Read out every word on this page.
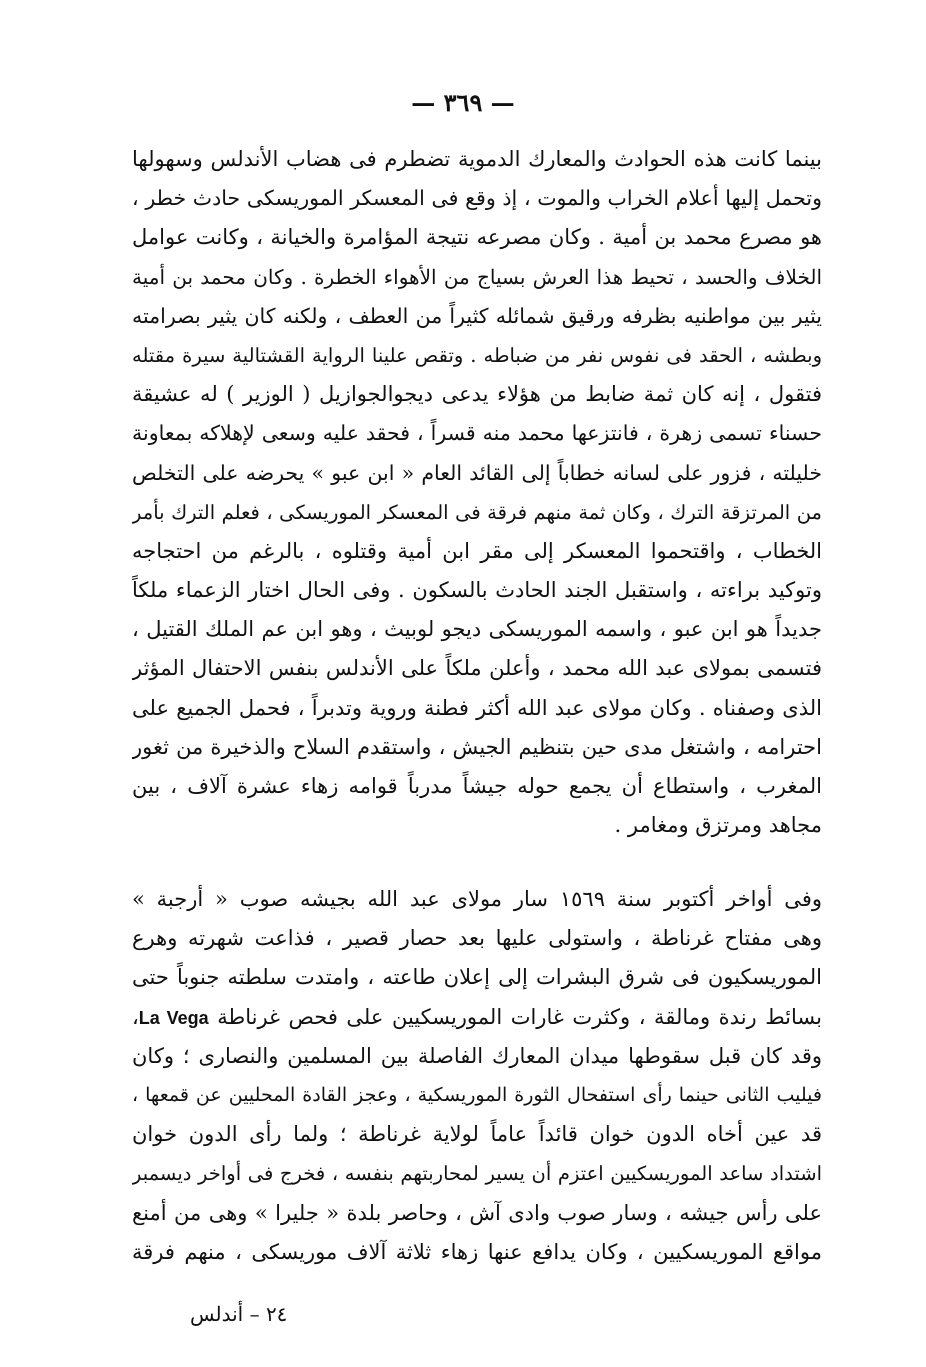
— ٣٦٩ —
بينما كانت هذه الحوادث والمعارك الدموية تضطرم فى هضاب الأندلس وسهولها
وتحمل إليها أعلام الخراب والموت ، إذ وقع فى المعسكر الموريسكى حادث خطر ،
هو مصرع محمد بن أمية . وكان مصرعه نتيجة المؤامرة والخيانة ، وكانت عوامل
الخلاف والحسد ، تحيط هذا العرش بسياج من الأهواء الخطرة . وكان محمد بن أمية
يثير بين مواطنيه بظرفه ورقيق شمائله كثيراً من العطف ، ولكنه كان يثير بصرامته
وبطشه ، الحقد فى نفوس نفر من ضباطه . وتقص علينا الرواية القشتالية سيرة مقتله
فتقول ، إنه كان ثمة ضابط من هؤلاء يدعى ديجوالجوازيل ( الوزير ) له عشيقة
حسناء تسمى زهرة ، فانتزعها محمد منه قسراً ، فحقد عليه وسعى لإهلاكه بمعاونة
خليلته ، فزور على لسانه خطاباً إلى القائد العام « ابن عبو » يحرضه على التخلص
من المرتزقة الترك ، وكان ثمة منهم فرقة فى المعسكر الموريسكى ، فعلم الترك بأمر
الخطاب ، واقتحموا المعسكر إلى مقر ابن أمية وقتلوه ، بالرغم من احتجاجه
وتوكيد براءته ، واستقبل الجند الحادث بالسكون . وفى الحال اختار الزعماء ملكاً
جديداً هو ابن عبو ، واسمه الموريسكى ديجو لوبيث ، وهو ابن عم الملك القتيل ،
فتسمى بمولاى عبد الله محمد ، وأعلن ملكاً على الأندلس بنفس الاحتفال المؤثر
الذى وصفناه . وكان مولاى عبد الله أكثر فطنة وروية وتدبراً ، فحمل الجميع على
احترامه ، واشتغل مدى حين بتنظيم الجيش ، واستقدم السلاح والذخيرة من ثغور
المغرب ، واستطاع أن يجمع حوله جيشاً مدرباً قوامه زهاء عشرة آلاف ، بين
مجاهد ومرتزق ومغامر .
وفى أواخر أكتوبر سنة ١٥٦٩ سار مولاى عبد الله بجيشه صوب « أرجبة »
وهى مفتاح غرناطة ، واستولى عليها بعد حصار قصير ، فذاعت شهرته وهرع
الموريسكيون فى شرق البشرات إلى إعلان طاعته ، وامتدت سلطته جنوباً حتى
بسائط رندة ومالقة ، وكثرت غارات الموريسكيين على فحص غرناطة La Vega،
وقد كان قبل سقوطها ميدان المعارك الفاصلة بين المسلمين والنصارى ؛ وكان
فيليب الثانى حينما رأى استفحال الثورة الموريسكية ، وعجز القادة المحليين عن قمعها ،
قد عين أخاه الدون خوان قائداً عاماً لولاية غرناطة ؛ ولما رأى الدون خوان
اشتداد ساعد الموريسكيين اعتزم أن يسير لمحاربتهم بنفسه ، فخرج فى أواخر ديسمبر
على رأس جيشه ، وسار صوب وادى آش ، وحاصر بلدة « جليرا » وهى من أمنع
مواقع الموريسكيين ، وكان يدافع عنها زهاء ثلاثة آلاف موريسكى ، منهم فرقة
٢٤ – أندلس
